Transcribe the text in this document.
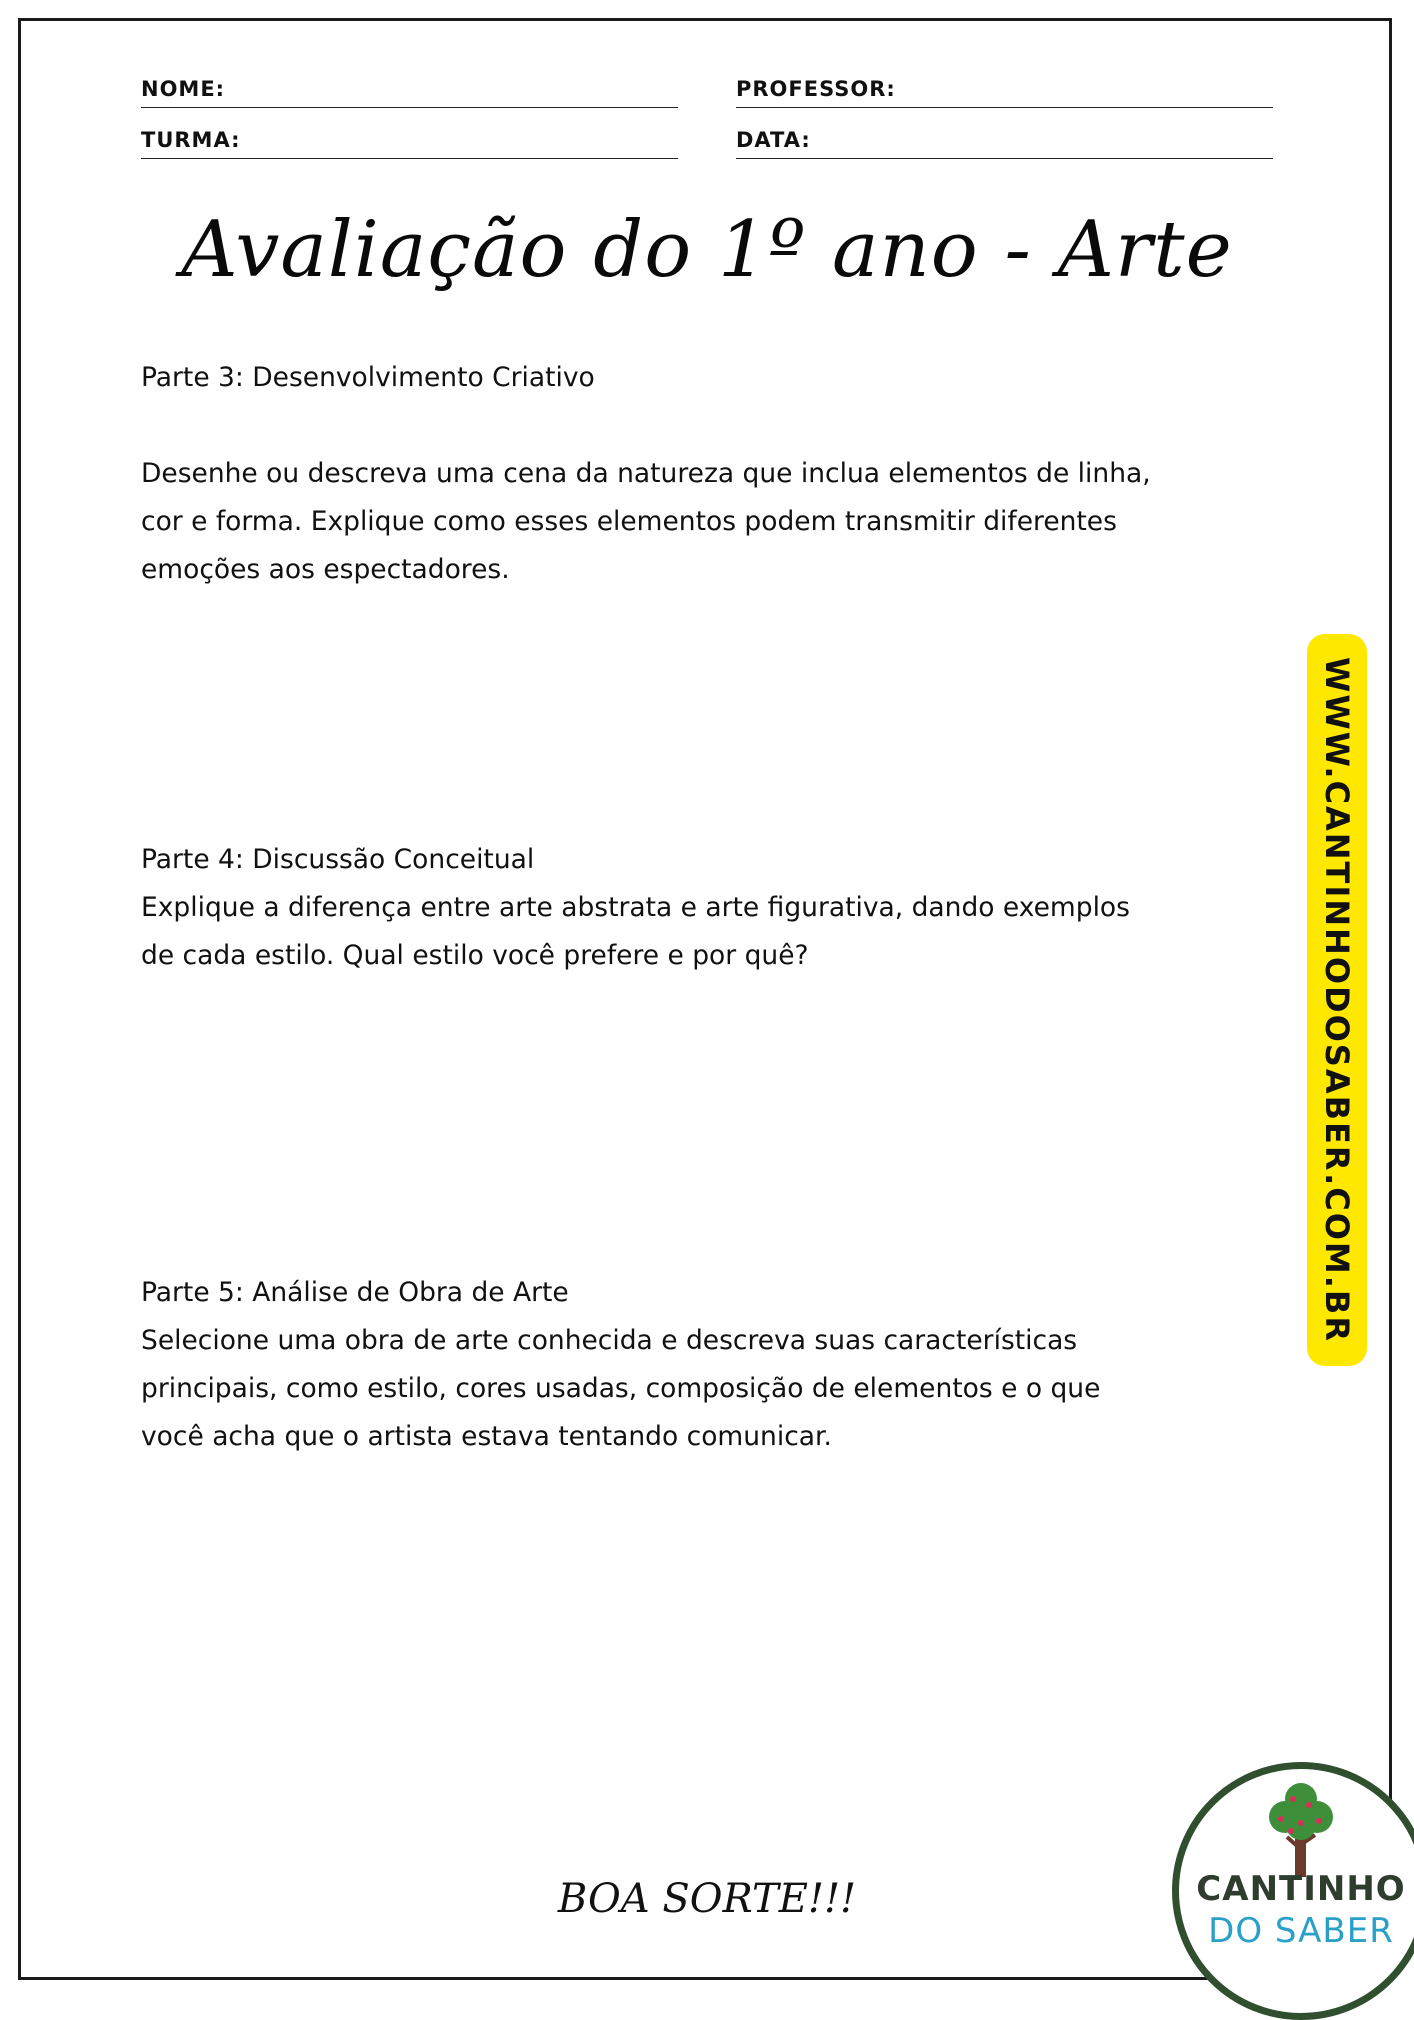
NOME:	PROFESSOR:
TURMA:	DATA:
Avaliação do 1º ano - Arte
Parte 3: Desenvolvimento Criativo
Desenhe ou descreva uma cena da natureza que inclua elementos de linha,
cor e forma. Explique como esses elementos podem transmitir diferentes
emoções aos espectadores.
Parte 4: Discussão Conceitual
Explique a diferença entre arte abstrata e arte figurativa, dando exemplos
de cada estilo. Qual estilo você prefere e por quê?
Parte 5: Análise de Obra de Arte
Selecione uma obra de arte conhecida e descreva suas características
principais, como estilo, cores usadas, composição de elementos e o que
você acha que o artista estava tentando comunicar.
WWW.CANTINHODOSABER.COM.BR
BOA SORTE!!!	CANTINHO
DO SABER
